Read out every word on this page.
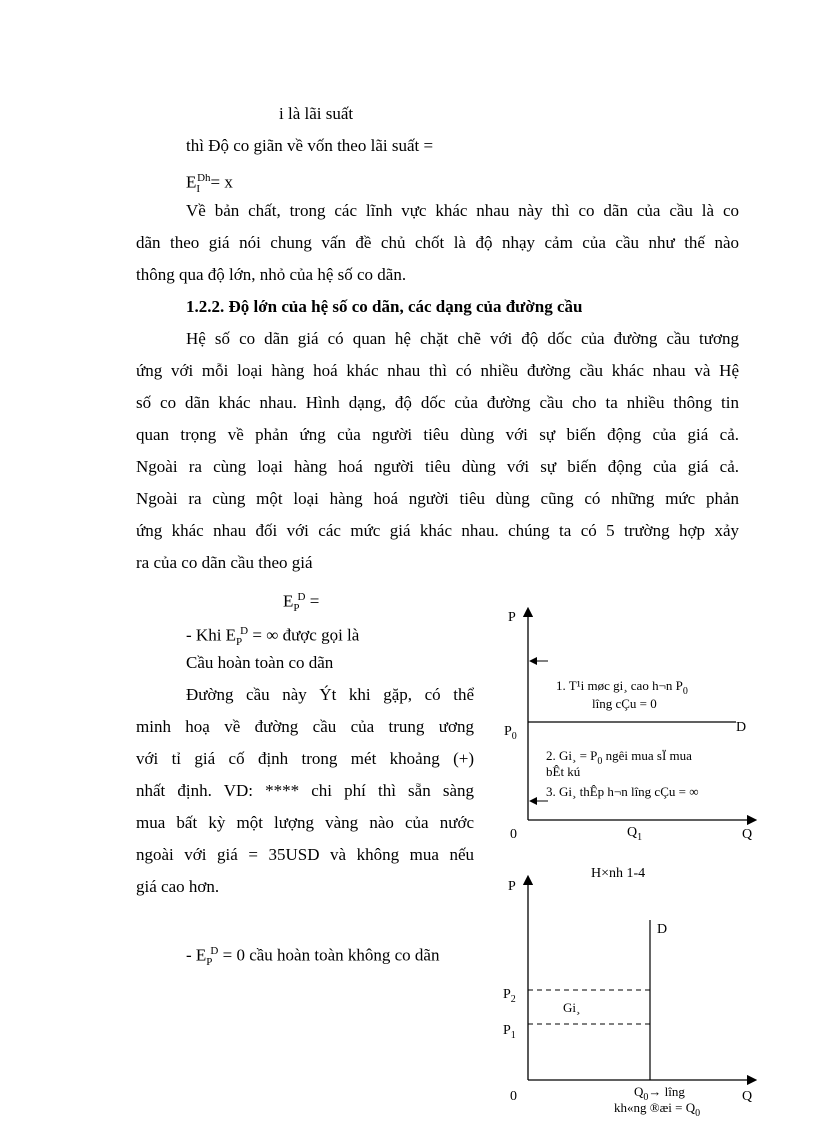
i là lãi suất
thì Độ co giãn về vốn theo lãi suất =
$E_I^{Dh}= x$
Về bản chất, trong các lĩnh vực khác nhau này thì co dãn của cầu là co
dãn theo giá nói chung vấn đề chủ chốt là độ nhạy cảm của cầu như thế nào
thông qua độ lớn, nhỏ của hệ số co dãn.
1.2.2. Độ lớn của hệ số co dãn, các dạng của đường cầu
Hệ số co dãn giá có quan hệ chặt chẽ với độ dốc của đường cầu tương
ứng với mỗi loại hàng hoá khác nhau thì có nhiều đường cầu khác nhau và Hệ
số co dãn khác nhau. Hình dạng, độ dốc của đường cầu cho ta nhiều thông tin
quan trọng về phản ứng của người tiêu dùng với sự biến động của giá cả.
Ngoài ra cùng loại hàng hoá người tiêu dùng với sự biến động của giá cả.
Ngoài ra cùng một loại hàng hoá người tiêu dùng cũng có những mức phản
ứng khác nhau đối với các mức giá khác nhau. chúng ta có 5 trường hợp xảy
ra của co dãn cầu theo giá
$E_P^D$ =
- Khi $E_P^D$ = ∞ được gọi là
Cầu hoàn toàn co dãn
Đường cầu này Ýt khi gặp, có thể
minh hoạ về đường cầu của trung ương
với tỉ giá cố định trong mét khoảng (+)
nhất định. VD: **** chi phí thì sẵn sàng
mua bất kỳ một lượng vàng nào của nước
ngoài với giá = 35USD và không mua nếu
giá cao hơn.
- $E_P^D = 0$ cầu hoàn toàn không co dãn
P
Q
0
D
$P_0$
$Q_1$
1. T¹i møc gi¸ cao h¬n $P_0$
lîng cÇu = 0
2. Gi¸ = $P_0$ ngêi mua sÏ mua
bÊt kú
3. Gi¸ thÊp h¬n lîng cÇu = ∞
H×nh 1-4
P
Q
0
D
$P_2$
$P_1$
Gi¸
$Q_0\to$ lîng
kh«ng ®æi = $Q_0$
